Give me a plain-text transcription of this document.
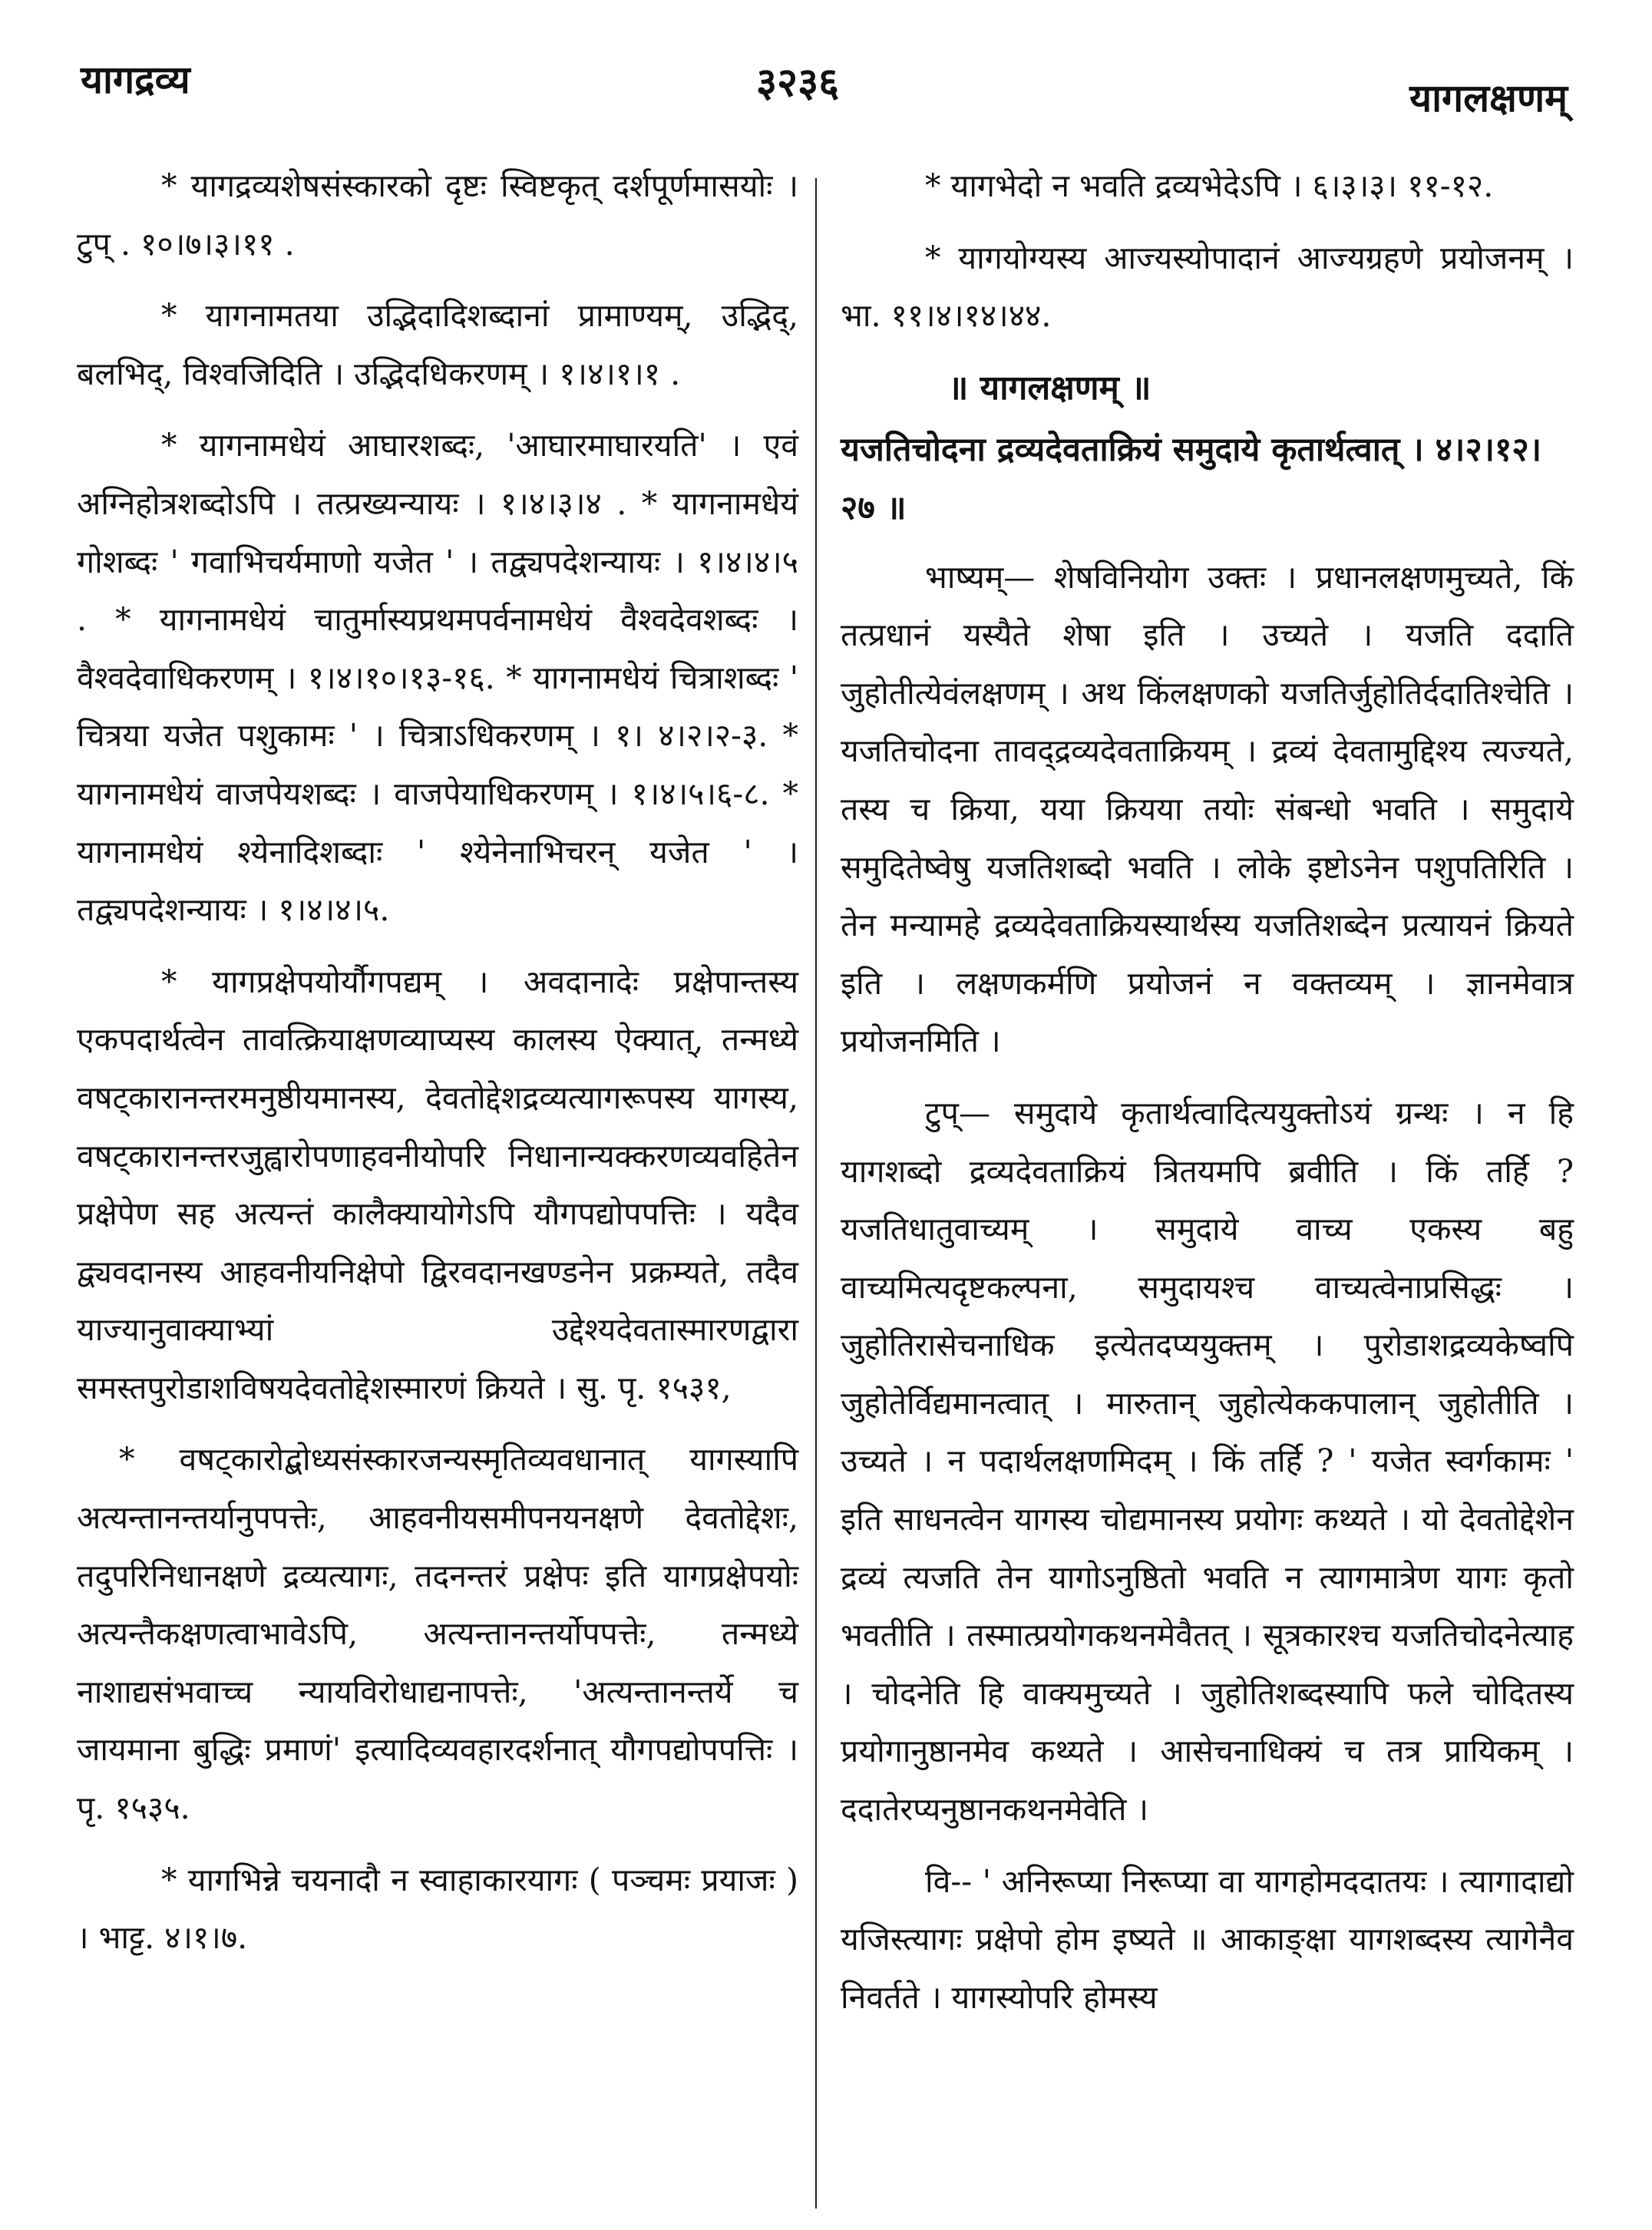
यागद्रव्य	३२३६	यागलक्षणम्

* यागद्रव्यशेषसंस्कारको दृष्टः स्विष्टकृत् दर्शपूर्णमासयोः । टुप् . १०।७।३।११ .

* यागनामतया उद्भिदादिशब्दानां प्रामाण्यम्, उद्भिद्, बलभिद्, विश्वजिदिति । उद्भिदधिकरणम् । १।४।१।१ .

* यागनामधेयं आघारशब्दः, 'आघारमाघारयति' । एवं अग्निहोत्रशब्दोऽपि । तत्प्रख्यन्यायः । १।४।३।४ . * यागनामधेयं गोशब्दः ' गवाभिचर्यमाणो यजेत ' । तद्व्यपदेशन्यायः । १।४।४।५ . * यागनामधेयं चातुर्मास्यप्रथमपर्वनामधेयं वैश्वदेवशब्दः । वैश्वदेवाधिकरणम् । १।४।१०।१३-१६. * यागनामधेयं चित्राशब्दः ' चित्रया यजेत पशुकामः ' । चित्राऽधिकरणम् । १। ४।२।२-३. * यागनामधेयं वाजपेयशब्दः । वाजपेयाधिकरणम् । १।४।५।६-८. * यागनामधेयं श्येनादिशब्दाः ' श्येनेनाभिचरन् यजेत ' । तद्व्यपदेशन्यायः । १।४।४।५.

* यागप्रक्षेपयोर्यौगपद्यम् । अवदानादेः प्रक्षेपान्तस्य एकपदार्थत्वेन तावत्क्रियाक्षणव्याप्यस्य कालस्य ऐक्यात्, तन्मध्ये वषट्कारानन्तरमनुष्ठीयमानस्य, देवतोद्देशद्रव्यत्यागरूपस्य यागस्य, वषट्कारानन्तरजुह्वारोपणाहवनीयोपरि निधानान्यक्करणव्यवहितेन प्रक्षेपेण सह अत्यन्तं कालैक्यायोगेऽपि यौगपद्योपपत्तिः । यदैव द्व्यवदानस्य आहवनीयनिक्षेपो द्विरवदानखण्डनेन प्रक्रम्यते, तदैव याज्यानुवाक्याभ्यां उद्देश्यदेवतास्मारणद्वारा समस्तपुरोडाशविषयदेवतोद्देशस्मारणं क्रियते । सु. पृ. १५३१,

* वषट्कारोद्बोध्यसंस्कारजन्यस्मृतिव्यवधानात् यागस्यापि अत्यन्तानन्तर्यानुपपत्तेः, आहवनीयसमीपनयनक्षणे देवतोद्देशः, तदुपरिनिधानक्षणे द्रव्यत्यागः, तदनन्तरं प्रक्षेपः इति यागप्रक्षेपयोः अत्यन्तैकक्षणत्वाभावेऽपि, अत्यन्तानन्तर्योपपत्तेः, तन्मध्ये नाशाद्यसंभवाच्च न्यायविरोधाद्यनापत्तेः, 'अत्यन्तानन्तर्ये च जायमाना बुद्धिः प्रमाणं' इत्यादिव्यवहारदर्शनात् यौगपद्योपपत्तिः । पृ. १५३५.

* यागभिन्ने चयनादौ न स्वाहाकारयागः ( पञ्चमः प्रयाजः ) । भाट्ट. ४।१।७.

* यागभेदो न भवति द्रव्यभेदेऽपि । ६।३।३। ११-१२.

* यागयोग्यस्य आज्यस्योपादानं आज्यग्रहणे प्रयोजनम् । भा. ११।४।१४।४४.

॥ यागलक्षणम् ॥

यजतिचोदना द्रव्यदेवताक्रियं समुदाये कृतार्थत्वात् । ४।२।१२।२७ ॥

भाष्यम्— शेषविनियोग उक्तः । प्रधानलक्षणमुच्यते, किं तत्प्रधानं यस्यैते शेषा इति । उच्यते । यजति ददाति जुहोतीत्येवंलक्षणम् । अथ किंलक्षणको यजतिर्जुहोतिर्ददातिश्चेति । यजतिचोदना तावद्द्रव्यदेवताक्रियम् । द्रव्यं देवतामुद्दिश्य त्यज्यते, तस्य च क्रिया, यया क्रियया तयोः संबन्धो भवति । समुदाये समुदितेष्वेषु यजतिशब्दो भवति । लोके इष्टोऽनेन पशुपतिरिति । तेन मन्यामहे द्रव्यदेवताक्रियस्यार्थस्य यजतिशब्देन प्रत्यायनं क्रियते इति । लक्षणकर्मणि प्रयोजनं न वक्तव्यम् । ज्ञानमेवात्र प्रयोजनमिति ।

टुप्— समुदाये कृतार्थत्वादित्ययुक्तोऽयं ग्रन्थः । न हि यागशब्दो द्रव्यदेवताक्रियं त्रितयमपि ब्रवीति । किं तर्हि ? यजतिधातुवाच्यम् । समुदाये वाच्य एकस्य बहु वाच्यमित्यदृष्टकल्पना, समुदायश्च वाच्यत्वेनाप्रसिद्धः । जुहोतिरासेचनाधिक इत्येतदप्ययुक्तम् । पुरोडाशद्रव्यकेष्वपि जुहोतेर्विद्यमानत्वात् । मारुतान् जुहोत्येककपालान् जुहोतीति । उच्यते । न पदार्थलक्षणमिदम् । किं तर्हि ? ' यजेत स्वर्गकामः ' इति साधनत्वेन यागस्य चोद्यमानस्य प्रयोगः कथ्यते । यो देवतोद्देशेन द्रव्यं त्यजति तेन यागोऽनुष्ठितो भवति न त्यागमात्रेण यागः कृतो भवतीति । तस्मात्प्रयोगकथनमेवैतत् । सूत्रकारश्च यजतिचोदनेत्याह । चोदनेति हि वाक्यमुच्यते । जुहोतिशब्दस्यापि फले चोदितस्य प्रयोगानुष्ठानमेव कथ्यते । आसेचनाधिक्यं च तत्र प्रायिकम् । ददातेरप्यनुष्ठानकथनमेवेति ।

वि-- ' अनिरूप्या निरूप्या वा यागहोमददातयः । त्यागादाद्यो यजिस्त्यागः प्रक्षेपो होम इष्यते ॥ आकाङ्क्षा यागशब्दस्य त्यागेनैव निवर्तते । यागस्योपरि होमस्य
